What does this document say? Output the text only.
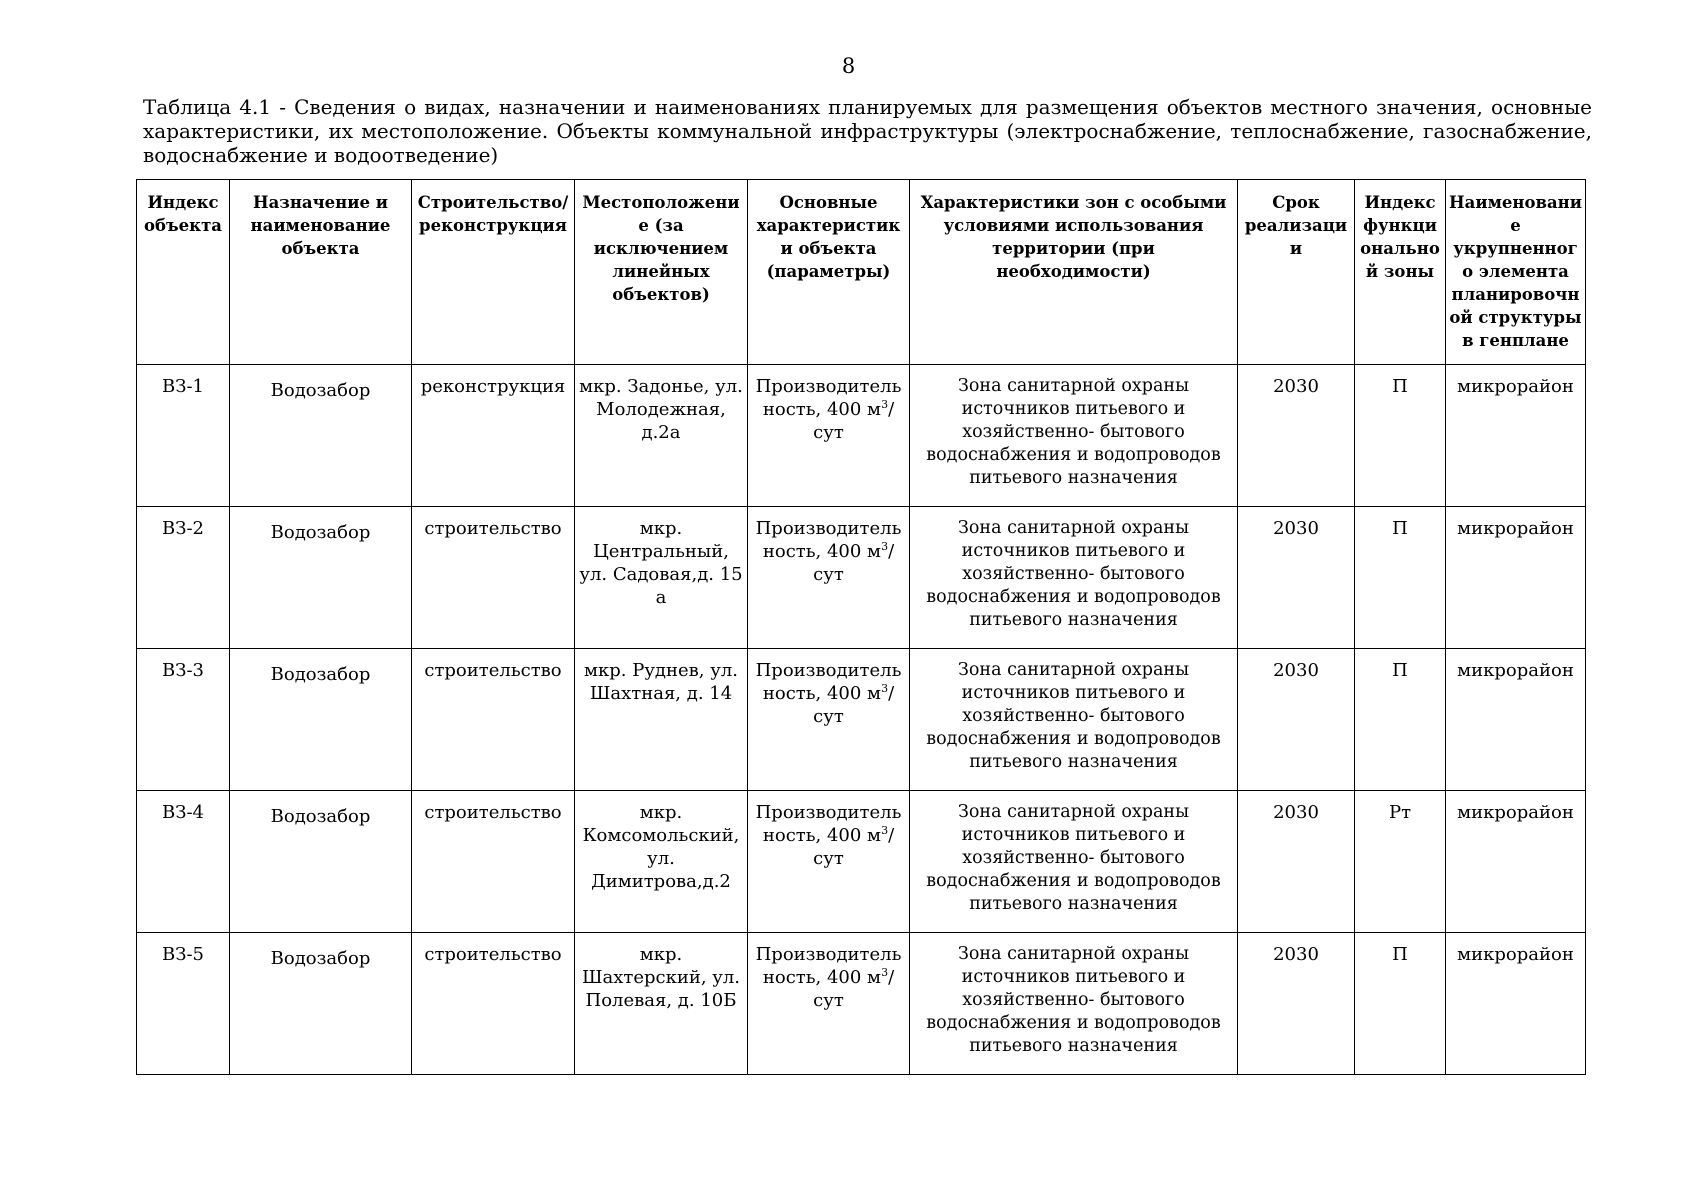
8
Таблица 4.1 - Сведения о видах, назначении и наименованиях планируемых для размещения объектов местного значения, основные характеристики, их местоположение. Объекты коммунальной инфраструктуры (электроснабжение, теплоснабжение, газоснабжение, водоснабжение и водоотведение)
Индекс объекта	Назначение и наименование объекта	Строительство/ реконструкция	Местоположение (за исключением линейных объектов)	Основные характеристик и объекта (параметры)	Характеристики зон с особыми условиями использования территории (при необходимости)	Срок реализаци и	Индекс функци онально й зоны	Наименовани е укрупненног о элемента планировочн ой структуры в генплане
ВЗ-1	Водозабор	реконструкция	мкр. Задонье, ул. Молодежная, д.2а	Производительность, 400 $м^3$/сут	Зона санитарной охраны источников питьевого и хозяйственно- бытового водоснабжения и водопроводов питьевого назначения	2030	П	микрорайон
ВЗ-2	Водозабор	строительство	мкр. Центральный, ул. Садовая,д. 15 а	Производительность, 400 $м^3$/сут	Зона санитарной охраны источников питьевого и хозяйственно- бытового водоснабжения и водопроводов питьевого назначения	2030	П	микрорайон
ВЗ-3	Водозабор	строительство	мкр. Руднев, ул. Шахтная, д. 14	Производительность, 400 $м^3$/сут	Зона санитарной охраны источников питьевого и хозяйственно- бытового водоснабжения и водопроводов питьевого назначения	2030	П	микрорайон
ВЗ-4	Водозабор	строительство	мкр. Комсомольский,ул. Димитрова,д.2	Производительность, 400 $м^3$/сут	Зона санитарной охраны источников питьевого и хозяйственно- бытового водоснабжения и водопроводов питьевого назначения	2030	Рт	микрорайон
ВЗ-5	Водозабор	строительство	мкр. Шахтерский, ул. Полевая, д. 10Б	Производительность, 400 $м^3$/сут	Зона санитарной охраны источников питьевого и хозяйственно- бытового водоснабжения и водопроводов питьевого назначения	2030	П	микрорайон
